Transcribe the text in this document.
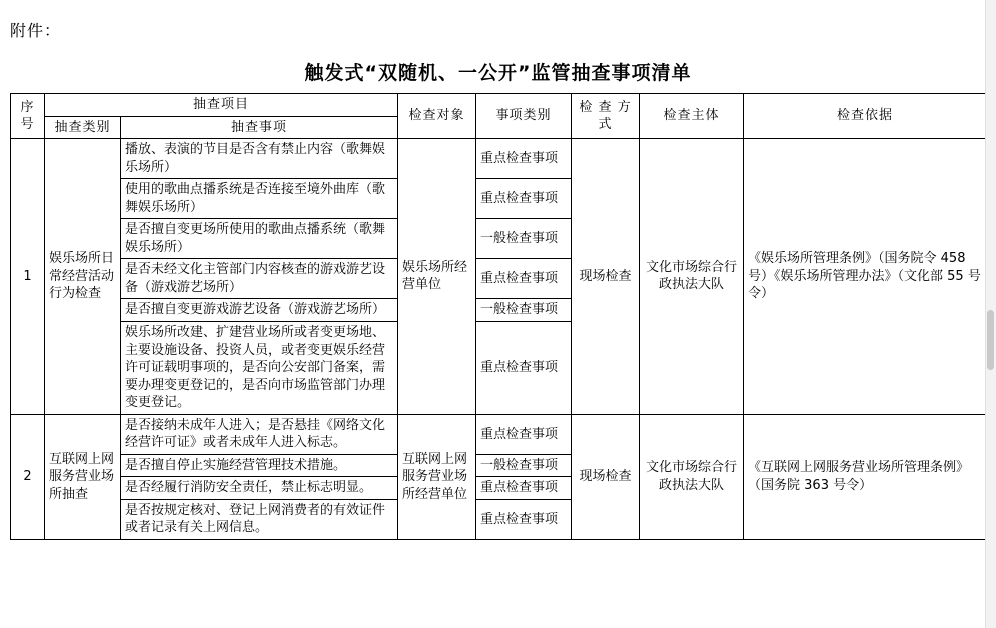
附件：
触发式“双随机、一公开”监管抽查事项清单
序号	抽查项目		检查对象	事项类别	检 查 方式	检查主体	检查依据
	抽查类别	抽查事项					
1	娱乐场所日常经营活动行为检查	播放、表演的节目是否含有禁止内容（歌舞娱乐场所）	娱乐场所经营单位	重点检查事项	现场检查	文化市场综合行政执法大队	《娱乐场所管理条例》（国务院令 458 号）《娱乐场所管理办法》（文化部 55 号令）
		使用的歌曲点播系统是否连接至境外曲库（歌舞娱乐场所）		重点检查事项			
		是否擅自变更场所使用的歌曲点播系统（歌舞娱乐场所）		一般检查事项			
		是否未经文化主管部门内容核查的游戏游艺设备（游戏游艺场所）		重点检查事项			
		是否擅自变更游戏游艺设备（游戏游艺场所）		一般检查事项			
		娱乐场所改建、扩建营业场所或者变更场地、主要设施设备、投资人员，或者变更娱乐经营许可证载明事项的，是否向公安部门备案，需要办理变更登记的，是否向市场监管部门办理变更登记。		重点检查事项			
2	互联网上网服务营业场所抽查	是否接纳未成年人进入；是否悬挂《网络文化经营许可证》或者未成年人进入标志。	互联网上网服务营业场所经营单位	重点检查事项	现场检查	文化市场综合行政执法大队	《互联网上网服务营业场所管理条例》（国务院 363 号令）
		是否擅自停止实施经营管理技术措施。		一般检查事项			
		是否经履行消防安全责任，禁止标志明显。		重点检查事项			
		是否按规定核对、登记上网消费者的有效证件或者记录有关上网信息。		重点检查事项			
